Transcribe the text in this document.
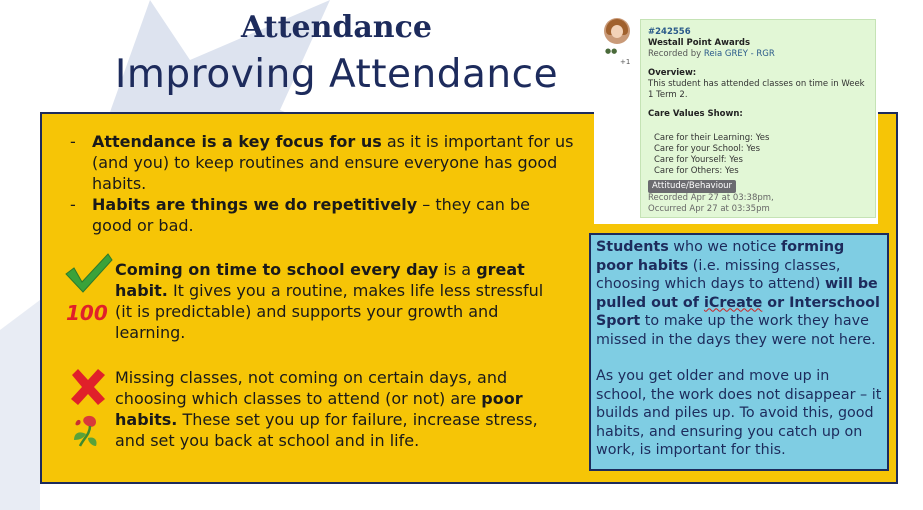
Attendance
Improving Attendance
- Attendance is a key focus for us as it is important for us (and you) to keep routines and ensure everyone has good habits.
- Habits are things we do repetitively – they can be good or bad.
100
Coming on time to school every day is a great habit. It gives you a routine, makes life less stressful (it is predictable) and supports your growth and learning.
Missing classes, not coming on certain days, and choosing which classes to attend (or not) are poor habits. These set you up for failure, increase stress, and set you back at school and in life.
●●
+1
#242556
Westall Point Awards
Recorded by Reia GREY - RGR
Overview:
This student has attended classes on time in Week 1 Term 2.
Care Values Shown:
Care for their Learning: Yes
Care for your School: Yes
Care for Yourself: Yes
Care for Others: Yes
Attitude/Behaviour
Recorded Apr 27 at 03:38pm,
Occurred Apr 27 at 03:35pm

Students who we notice forming poor habits (i.e. missing classes, choosing which days to attend) will be pulled out of iCreate or Interschool Sport to make up the work they have missed in the days they were not here.

As you get older and move up in school, the work does not disappear – it builds and piles up. To avoid this, good habits, and ensuring you catch up on work, is important for this.
